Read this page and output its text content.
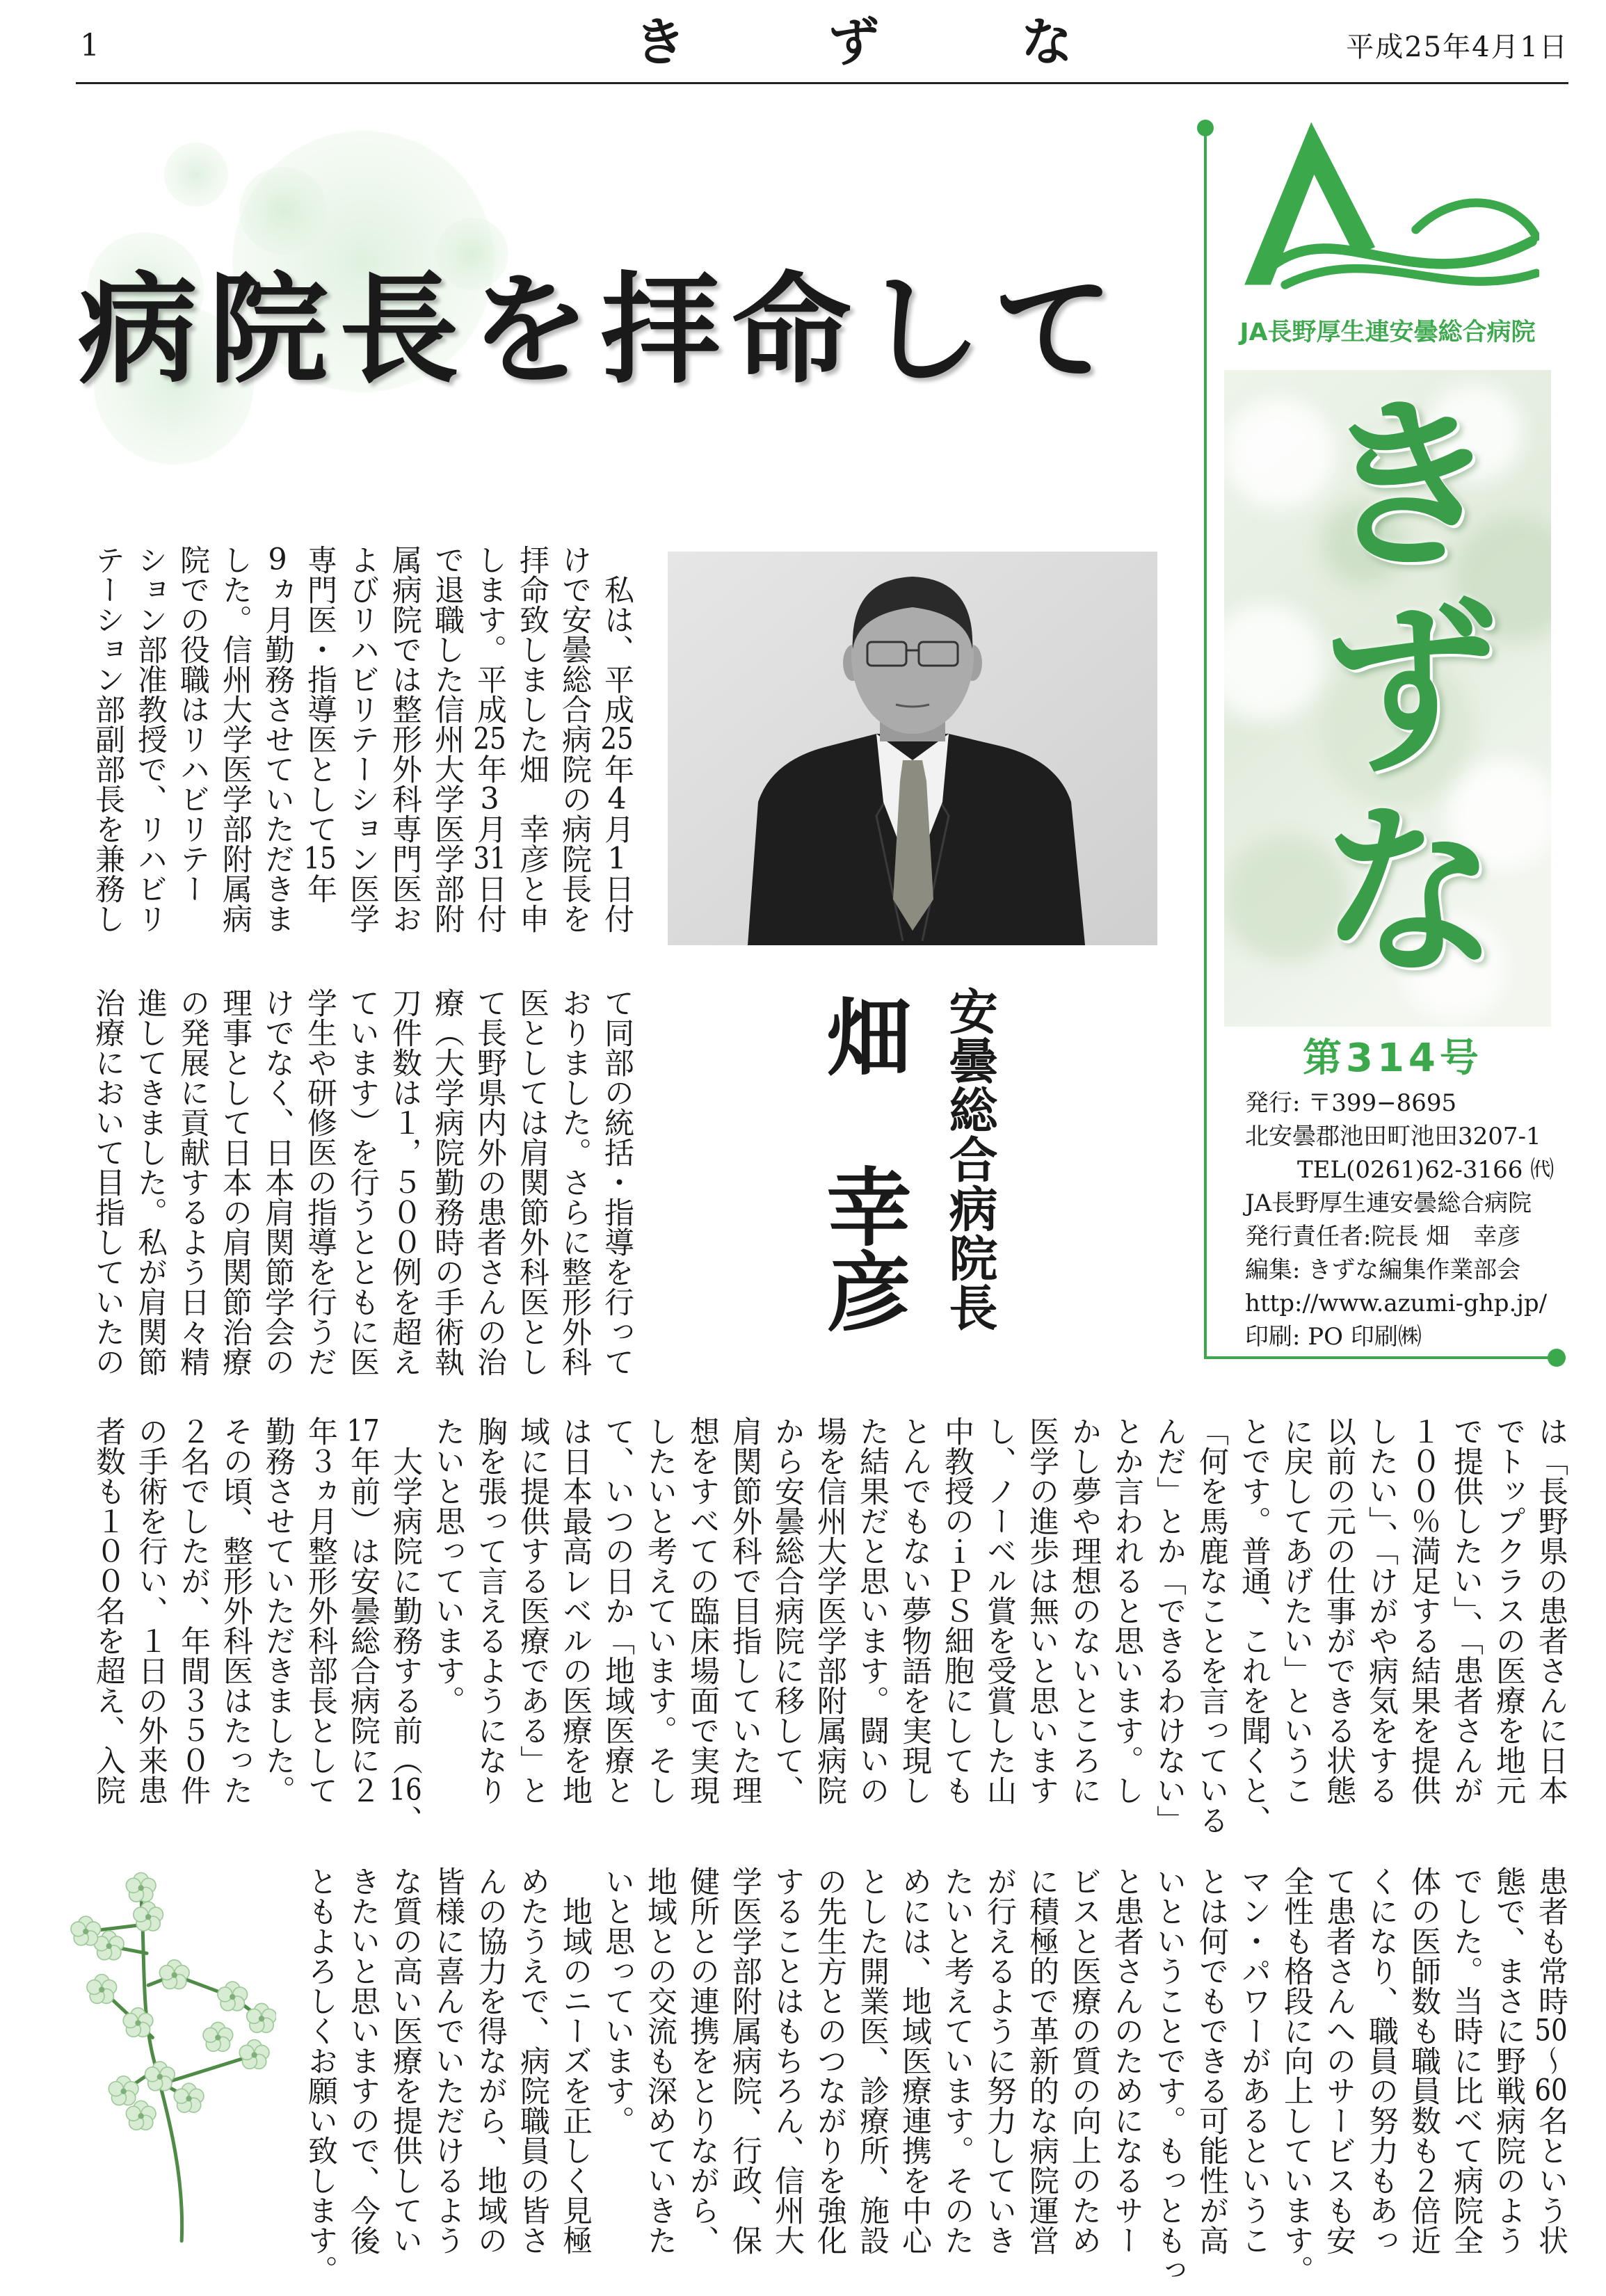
1	きずな	平成25年4月1日
病院長を拝命して
安曇総合病院長
畑　幸彦
　私は、平成25年4月1日付
けで安曇総合病院の病院長を
拝命致しました畑　幸彦と申
します。平成25年3月31日付
で退職した信州大学医学部附
属病院では整形外科専門医お
よびリハビリテーション医学
専門医・指導医として15年
9ヵ月勤務させていただきま
した。信州大学医学部附属病
院での役職はリハビリテー
ション部准教授で、リハビリ
テーション部副部長を兼務し
て同部の統括・指導を行って
おりました。さらに整形外科
医としては肩関節外科医とし
て長野県内外の患者さんの治
療（大学病院勤務時の手術執
刀件数は１，５００例を超え
ています）を行うとともに医
学生や研修医の指導を行うだ
けでなく、日本肩関節学会の
理事として日本の肩関節治療
の発展に貢献するよう日々精
進してきました。私が肩関節
治療において目指していたの
は「長野県の患者さんに日本
でトップクラスの医療を地元
で提供したい」、「患者さんが
１００％満足する結果を提供
したい」、「けがや病気をする
以前の元の仕事ができる状態
に戻してあげたい」というこ
とです。普通、これを聞くと、
「何を馬鹿なことを言っている
んだ」とか「できるわけない」
とか言われると思います。し
かし夢や理想のないところに
医学の進歩は無いと思います
し、ノーベル賞を受賞した山
中教授のｉＰＳ細胞にしても
とんでもない夢物語を実現し
た結果だと思います。闘いの
場を信州大学医学部附属病院
から安曇総合病院に移して、
肩関節外科で目指していた理
想をすべての臨床場面で実現
したいと考えています。そし
て、いつの日か「地域医療と
は日本最高レベルの医療を地
域に提供する医療である」と
胸を張って言えるようになり
たいと思っています。
　大学病院に勤務する前（16、
17年前）は安曇総合病院に２
年３ヵ月整形外科部長として
勤務させていただきました。
その頃、整形外科医はたった
２名でしたが、年間３５０件
の手術を行い、１日の外来患
者数も１００名を超え、入院
患者も常時50～60名という状
態で、まさに野戦病院のよう
でした。当時に比べて病院全
体の医師数も職員数も２倍近
くになり、職員の努力もあっ
て患者さんへのサービスも安
全性も格段に向上しています。
マン・パワーがあるというこ
とは何でもできる可能性が高
いということです。もっともっ
と患者さんのためになるサー
ビスと医療の質の向上のため
に積極的で革新的な病院運営
が行えるように努力していき
たいと考えています。そのた
めには、地域医療連携を中心
とした開業医、診療所、施設
の先生方とのつながりを強化
することはもちろん、信州大
学医学部附属病院、行政、保
健所との連携をとりながら、
地域との交流も深めていきた
いと思っています。
　地域のニーズを正しく見極
めたうえで、病院職員の皆さ
んの協力を得ながら、地域の
皆様に喜んでいただけるよう
な質の高い医療を提供してい
きたいと思いますので、今後
ともよろしくお願い致します。
JA長野厚生連安曇総合病院
きずな
第314号
発行: 〒399−8695
北安曇郡池田町池田3207-1
TEL(0261)62-3166 ㈹
JA長野厚生連安曇総合病院
発行責任者:院長 畑　幸彦
編集: きずな編集作業部会
http://www.azumi-ghp.jp/
印刷: PO 印刷㈱
